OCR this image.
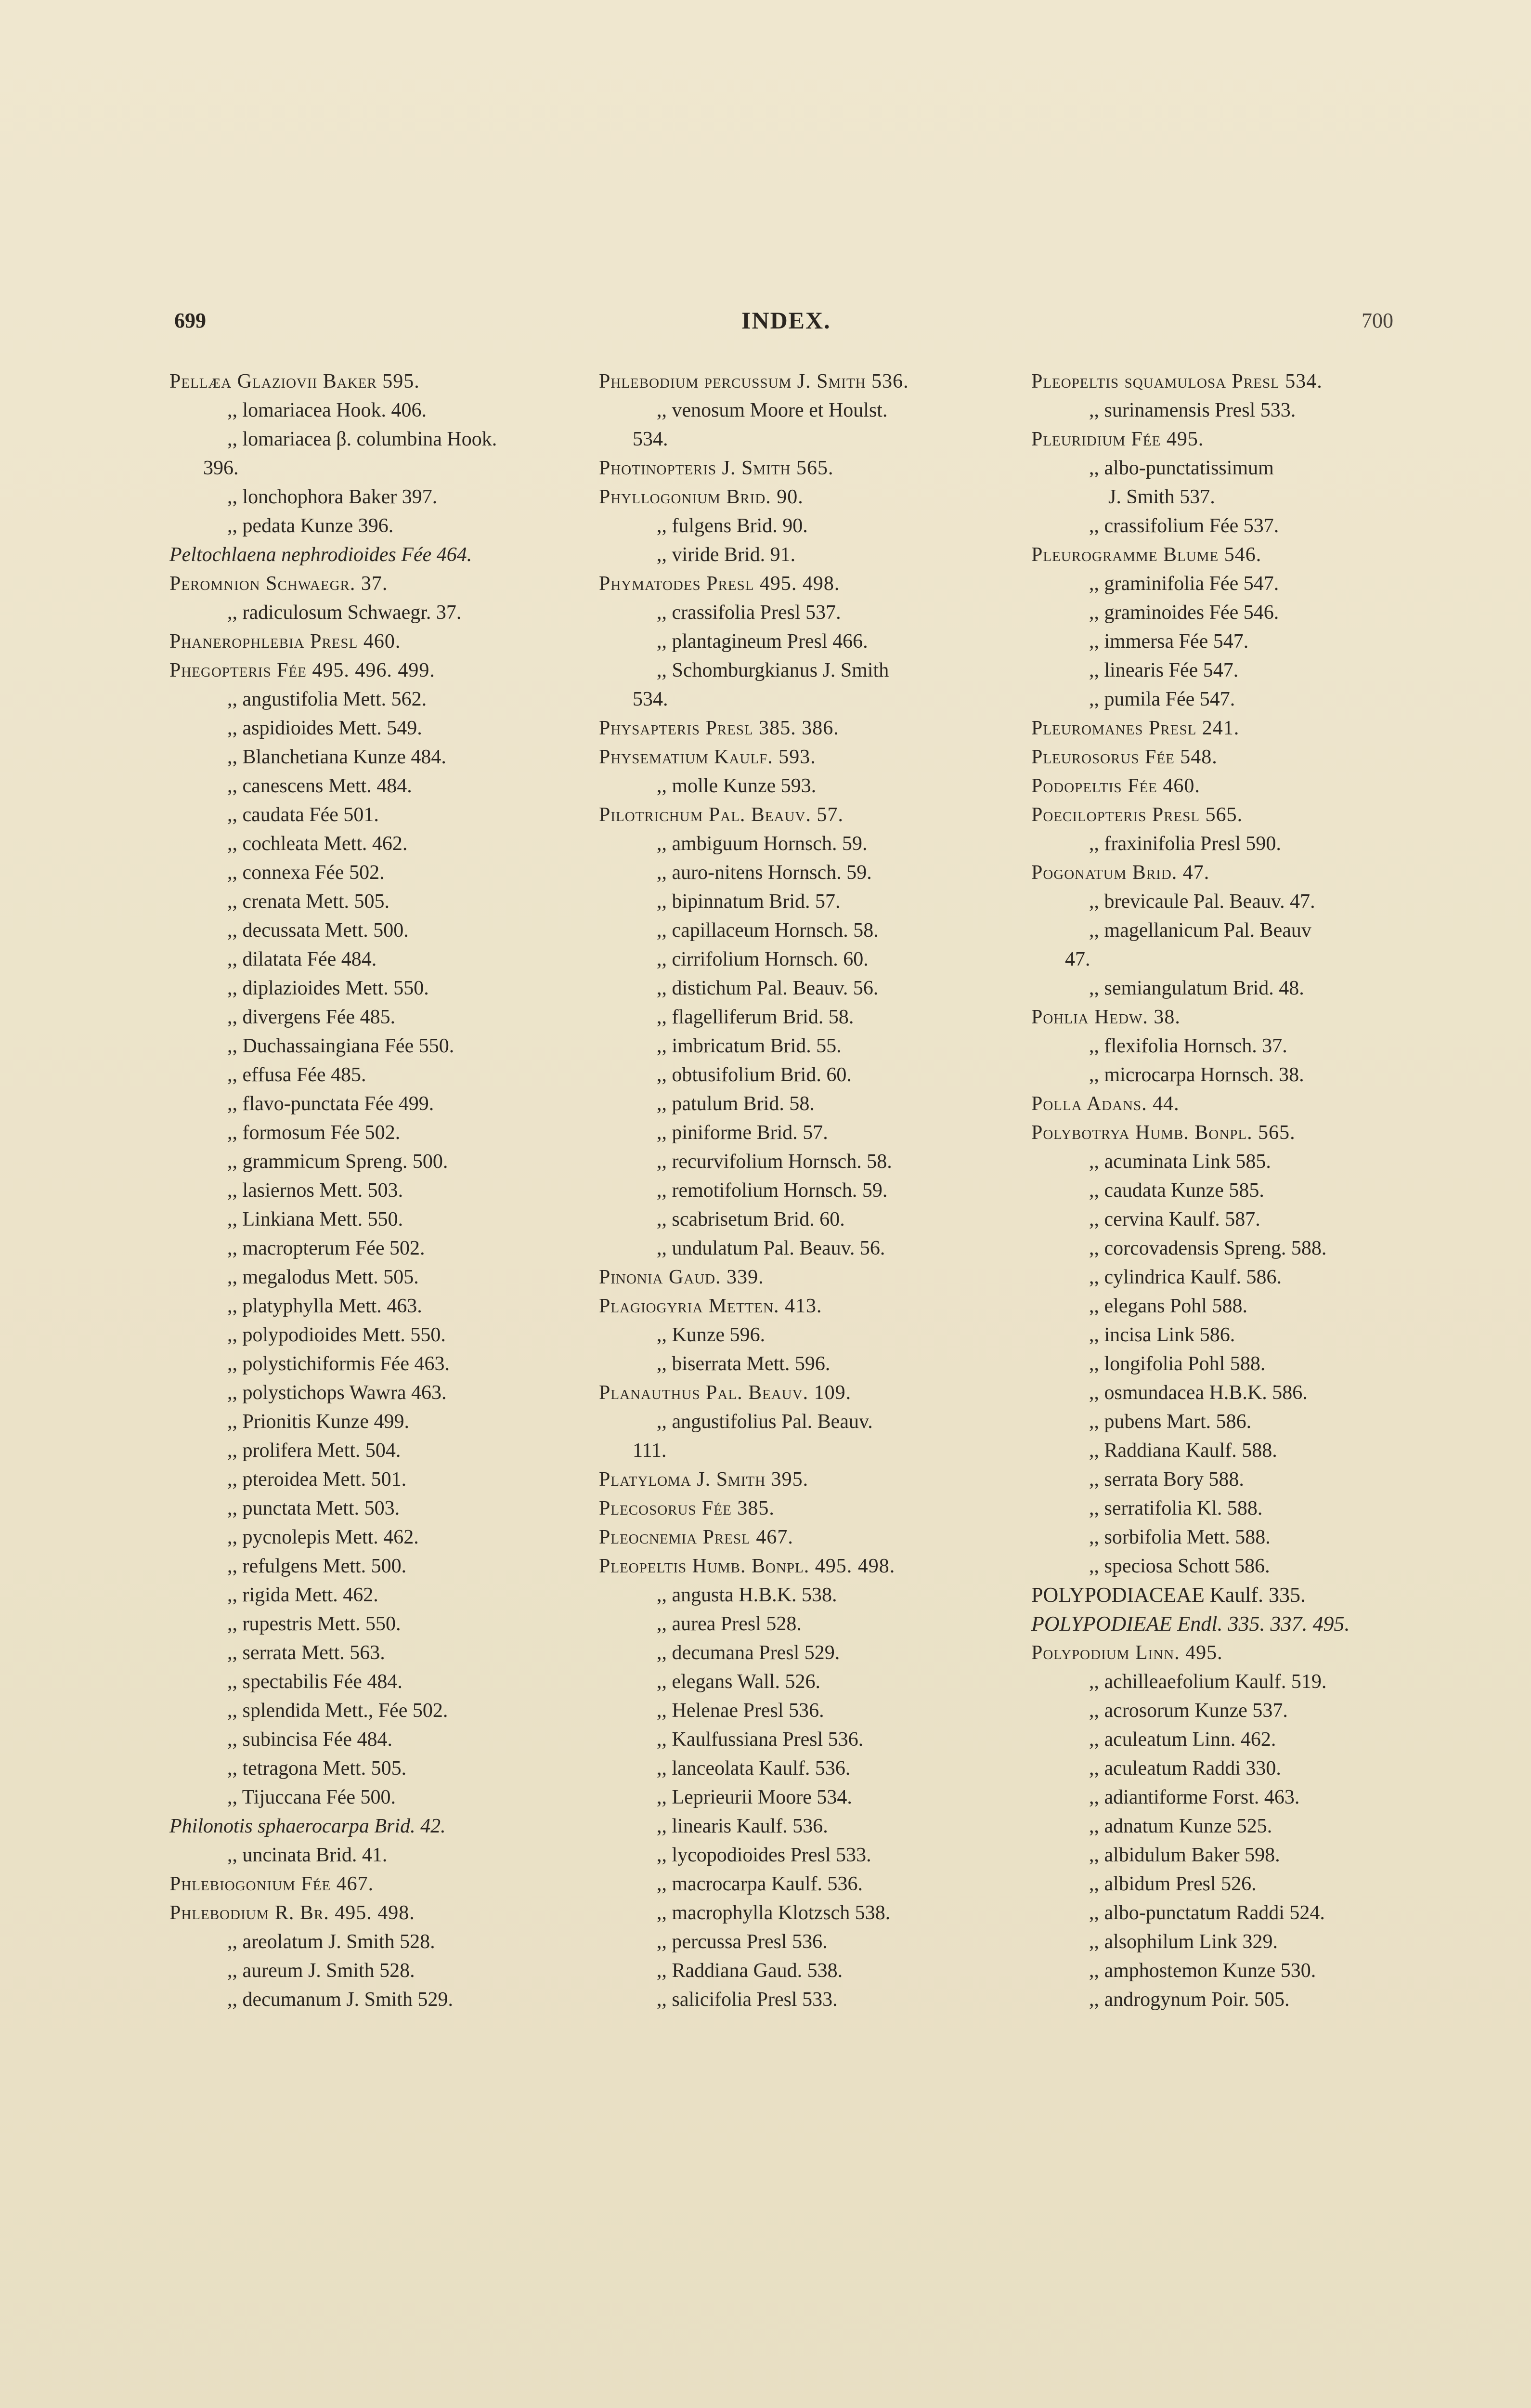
699	INDEX.	700
Pellæa Glaziovii Baker 595.
,, lomariacea Hook. 406.
,, lomariacea β. columbina Hook.
396.
,, lonchophora Baker 397.
,, pedata Kunze 396.
Peltochlaena nephrodioides Fée 464.
Peromnion Schwaegr. 37.
,, radiculosum Schwaegr. 37.
Phanerophlebia Presl 460.
Phegopteris Fée 495. 496. 499.
,, angustifolia Mett. 562.
,, aspidioides Mett. 549.
,, Blanchetiana Kunze 484.
,, canescens Mett. 484.
,, caudata Fée 501.
,, cochleata Mett. 462.
,, connexa Fée 502.
,, crenata Mett. 505.
,, decussata Mett. 500.
,, dilatata Fée 484.
,, diplazioides Mett. 550.
,, divergens Fée 485.
,, Duchassaingiana Fée 550.
,, effusa Fée 485.
,, flavo-punctata Fée 499.
,, formosum Fée 502.
,, grammicum Spreng. 500.
,, lasiernos Mett. 503.
,, Linkiana Mett. 550.
,, macropterum Fée 502.
,, megalodus Mett. 505.
,, platyphylla Mett. 463.
,, polypodioides Mett. 550.
,, polystichiformis Fée 463.
,, polystichops Wawra 463.
,, Prionitis Kunze 499.
,, prolifera Mett. 504.
,, pteroidea Mett. 501.
,, punctata Mett. 503.
,, pycnolepis Mett. 462.
,, refulgens Mett. 500.
,, rigida Mett. 462.
,, rupestris Mett. 550.
,, serrata Mett. 563.
,, spectabilis Fée 484.
,, splendida Mett., Fée 502.
,, subincisa Fée 484.
,, tetragona Mett. 505.
,, Tijuccana Fée 500.
Philonotis sphaerocarpa Brid. 42.
,, uncinata Brid. 41.
Phlebiogonium Fée 467.
Phlebodium R. Br. 495. 498.
,, areolatum J. Smith 528.
,, aureum J. Smith 528.
,, decumanum J. Smith 529.
Phlebodium percussum J. Smith 536.
,, venosum Moore et Houlst.
534.
Photinopteris J. Smith 565.
Phyllogonium Brid. 90.
,, fulgens Brid. 90.
,, viride Brid. 91.
Phymatodes Presl 495. 498.
,, crassifolia Presl 537.
,, plantagineum Presl 466.
,, Schomburgkianus J. Smith
534.
Physapteris Presl 385. 386.
Physematium Kaulf. 593.
,, molle Kunze 593.
Pilotrichum Pal. Beauv. 57.
,, ambiguum Hornsch. 59.
,, auro-nitens Hornsch. 59.
,, bipinnatum Brid. 57.
,, capillaceum Hornsch. 58.
,, cirrifolium Hornsch. 60.
,, distichum Pal. Beauv. 56.
,, flagelliferum Brid. 58.
,, imbricatum Brid. 55.
,, obtusifolium Brid. 60.
,, patulum Brid. 58.
,, piniforme Brid. 57.
,, recurvifolium Hornsch. 58.
,, remotifolium Hornsch. 59.
,, scabrisetum Brid. 60.
,, undulatum Pal. Beauv. 56.
Pinonia Gaud. 339.
Plagiogyria Metten. 413.
,, Kunze 596.
,, biserrata Mett. 596.
Planauthus Pal. Beauv. 109.
,, angustifolius Pal. Beauv.
111.
Platyloma J. Smith 395.
Plecosorus Fée 385.
Pleocnemia Presl 467.
Pleopeltis Humb. Bonpl. 495. 498.
,, angusta H.B.K. 538.
,, aurea Presl 528.
,, decumana Presl 529.
,, elegans Wall. 526.
,, Helenae Presl 536.
,, Kaulfussiana Presl 536.
,, lanceolata Kaulf. 536.
,, Leprieurii Moore 534.
,, linearis Kaulf. 536.
,, lycopodioides Presl 533.
,, macrocarpa Kaulf. 536.
,, macrophylla Klotzsch 538.
,, percussa Presl 536.
,, Raddiana Gaud. 538.
,, salicifolia Presl 533.
Pleopeltis squamulosa Presl 534.
,, surinamensis Presl 533.
Pleuridium Fée 495.
,, albo-punctatissimum
J. Smith 537.
,, crassifolium Fée 537.
Pleurogramme Blume 546.
,, graminifolia Fée 547.
,, graminoides Fée 546.
,, immersa Fée 547.
,, linearis Fée 547.
,, pumila Fée 547.
Pleuromanes Presl 241.
Pleurosorus Fée 548.
Podopeltis Fée 460.
Poecilopteris Presl 565.
,, fraxinifolia Presl 590.
Pogonatum Brid. 47.
,, brevicaule Pal. Beauv. 47.
,, magellanicum Pal. Beauv
47.
,, semiangulatum Brid. 48.
Pohlia Hedw. 38.
,, flexifolia Hornsch. 37.
,, microcarpa Hornsch. 38.
Polla Adans. 44.
Polybotrya Humb. Bonpl. 565.
,, acuminata Link 585.
,, caudata Kunze 585.
,, cervina Kaulf. 587.
,, corcovadensis Spreng. 588.
,, cylindrica Kaulf. 586.
,, elegans Pohl 588.
,, incisa Link 586.
,, longifolia Pohl 588.
,, osmundacea H.B.K. 586.
,, pubens Mart. 586.
,, Raddiana Kaulf. 588.
,, serrata Bory 588.
,, serratifolia Kl. 588.
,, sorbifolia Mett. 588.
,, speciosa Schott 586.
POLYPODIACEAE Kaulf. 335.
POLYPODIEAE Endl. 335. 337. 495.
Polypodium Linn. 495.
,, achilleaefolium Kaulf. 519.
,, acrosorum Kunze 537.
,, aculeatum Linn. 462.
,, aculeatum Raddi 330.
,, adiantiforme Forst. 463.
,, adnatum Kunze 525.
,, albidulum Baker 598.
,, albidum Presl 526.
,, albo-punctatum Raddi 524.
,, alsophilum Link 329.
,, amphostemon Kunze 530.
,, androgynum Poir. 505.
